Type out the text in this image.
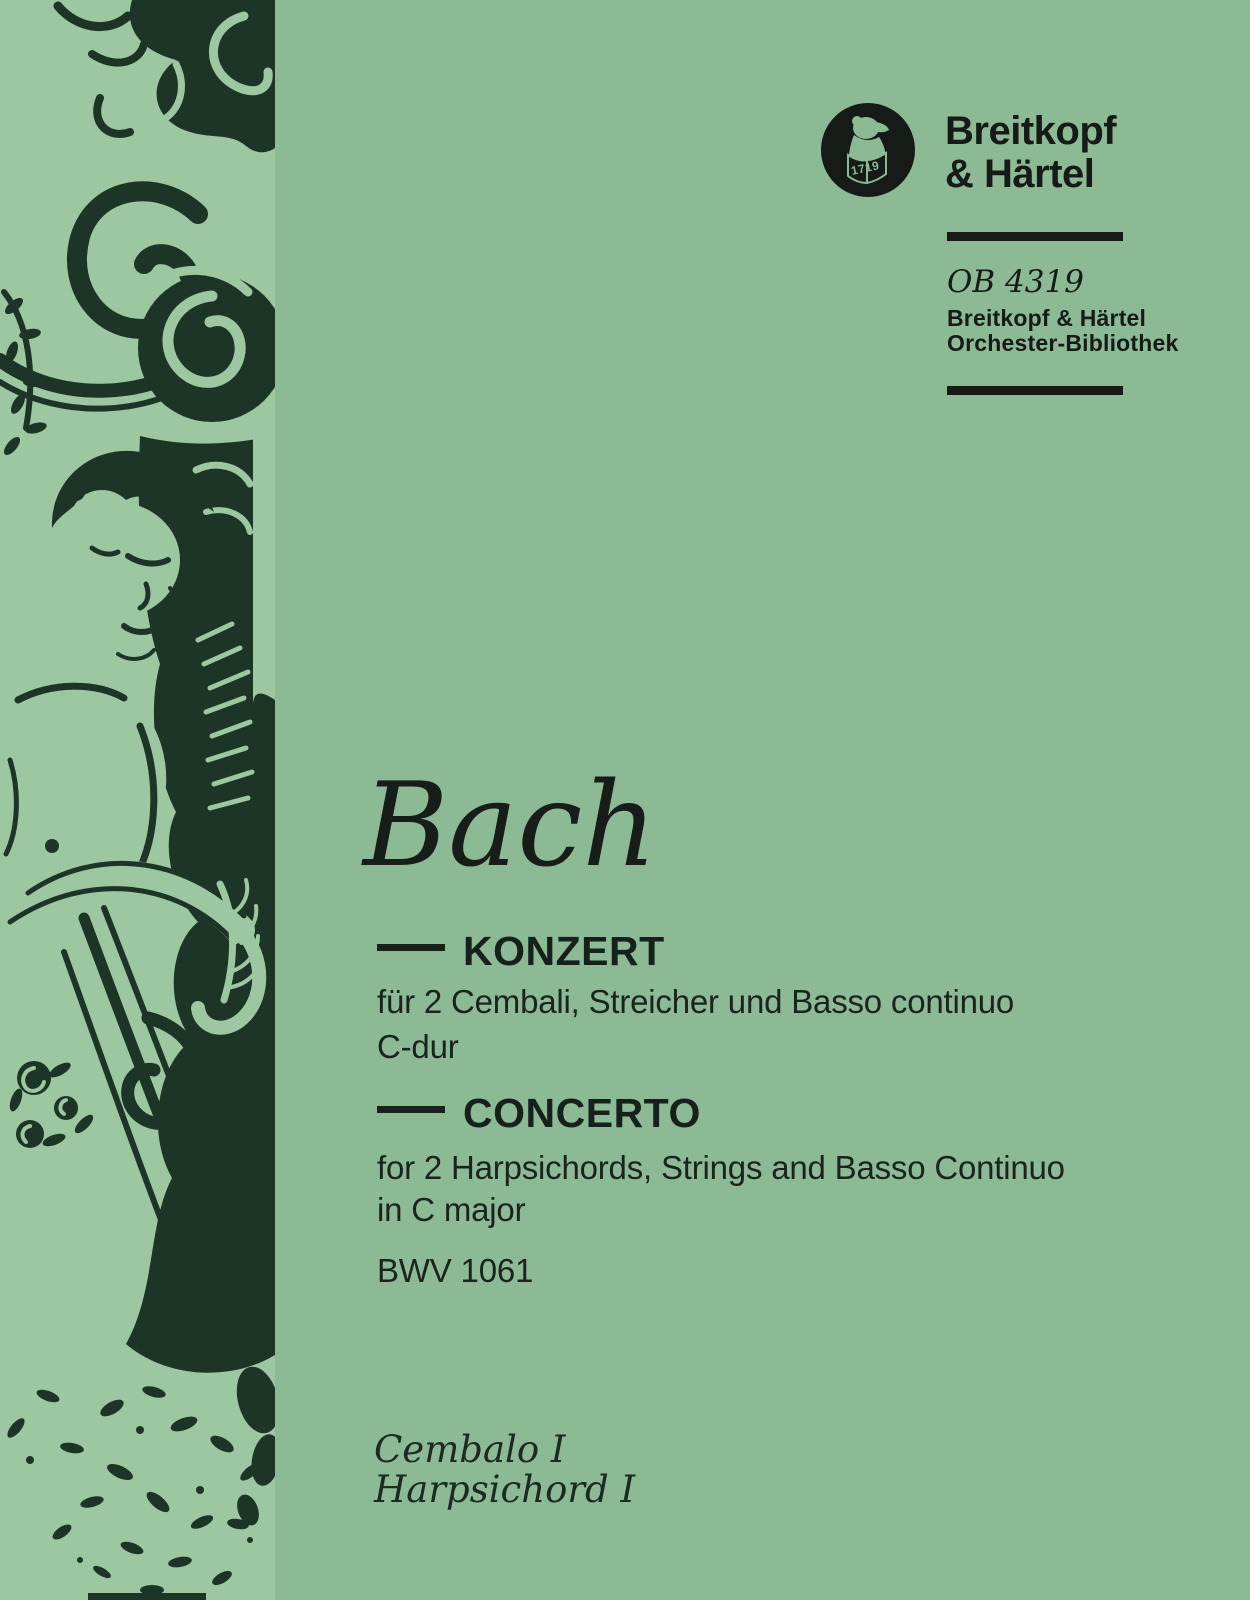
1719
Breitkopf
& Härtel
OB 4319
Breitkopf & Härtel
Orchester-Bibliothek
Bach
KONZERT
für 2 Cembali, Streicher und Basso continuo
C-dur
CONCERTO
for 2 Harpsichords, Strings and Basso Continuo
in C major
BWV 1061
Cembalo I
Harpsichord I
